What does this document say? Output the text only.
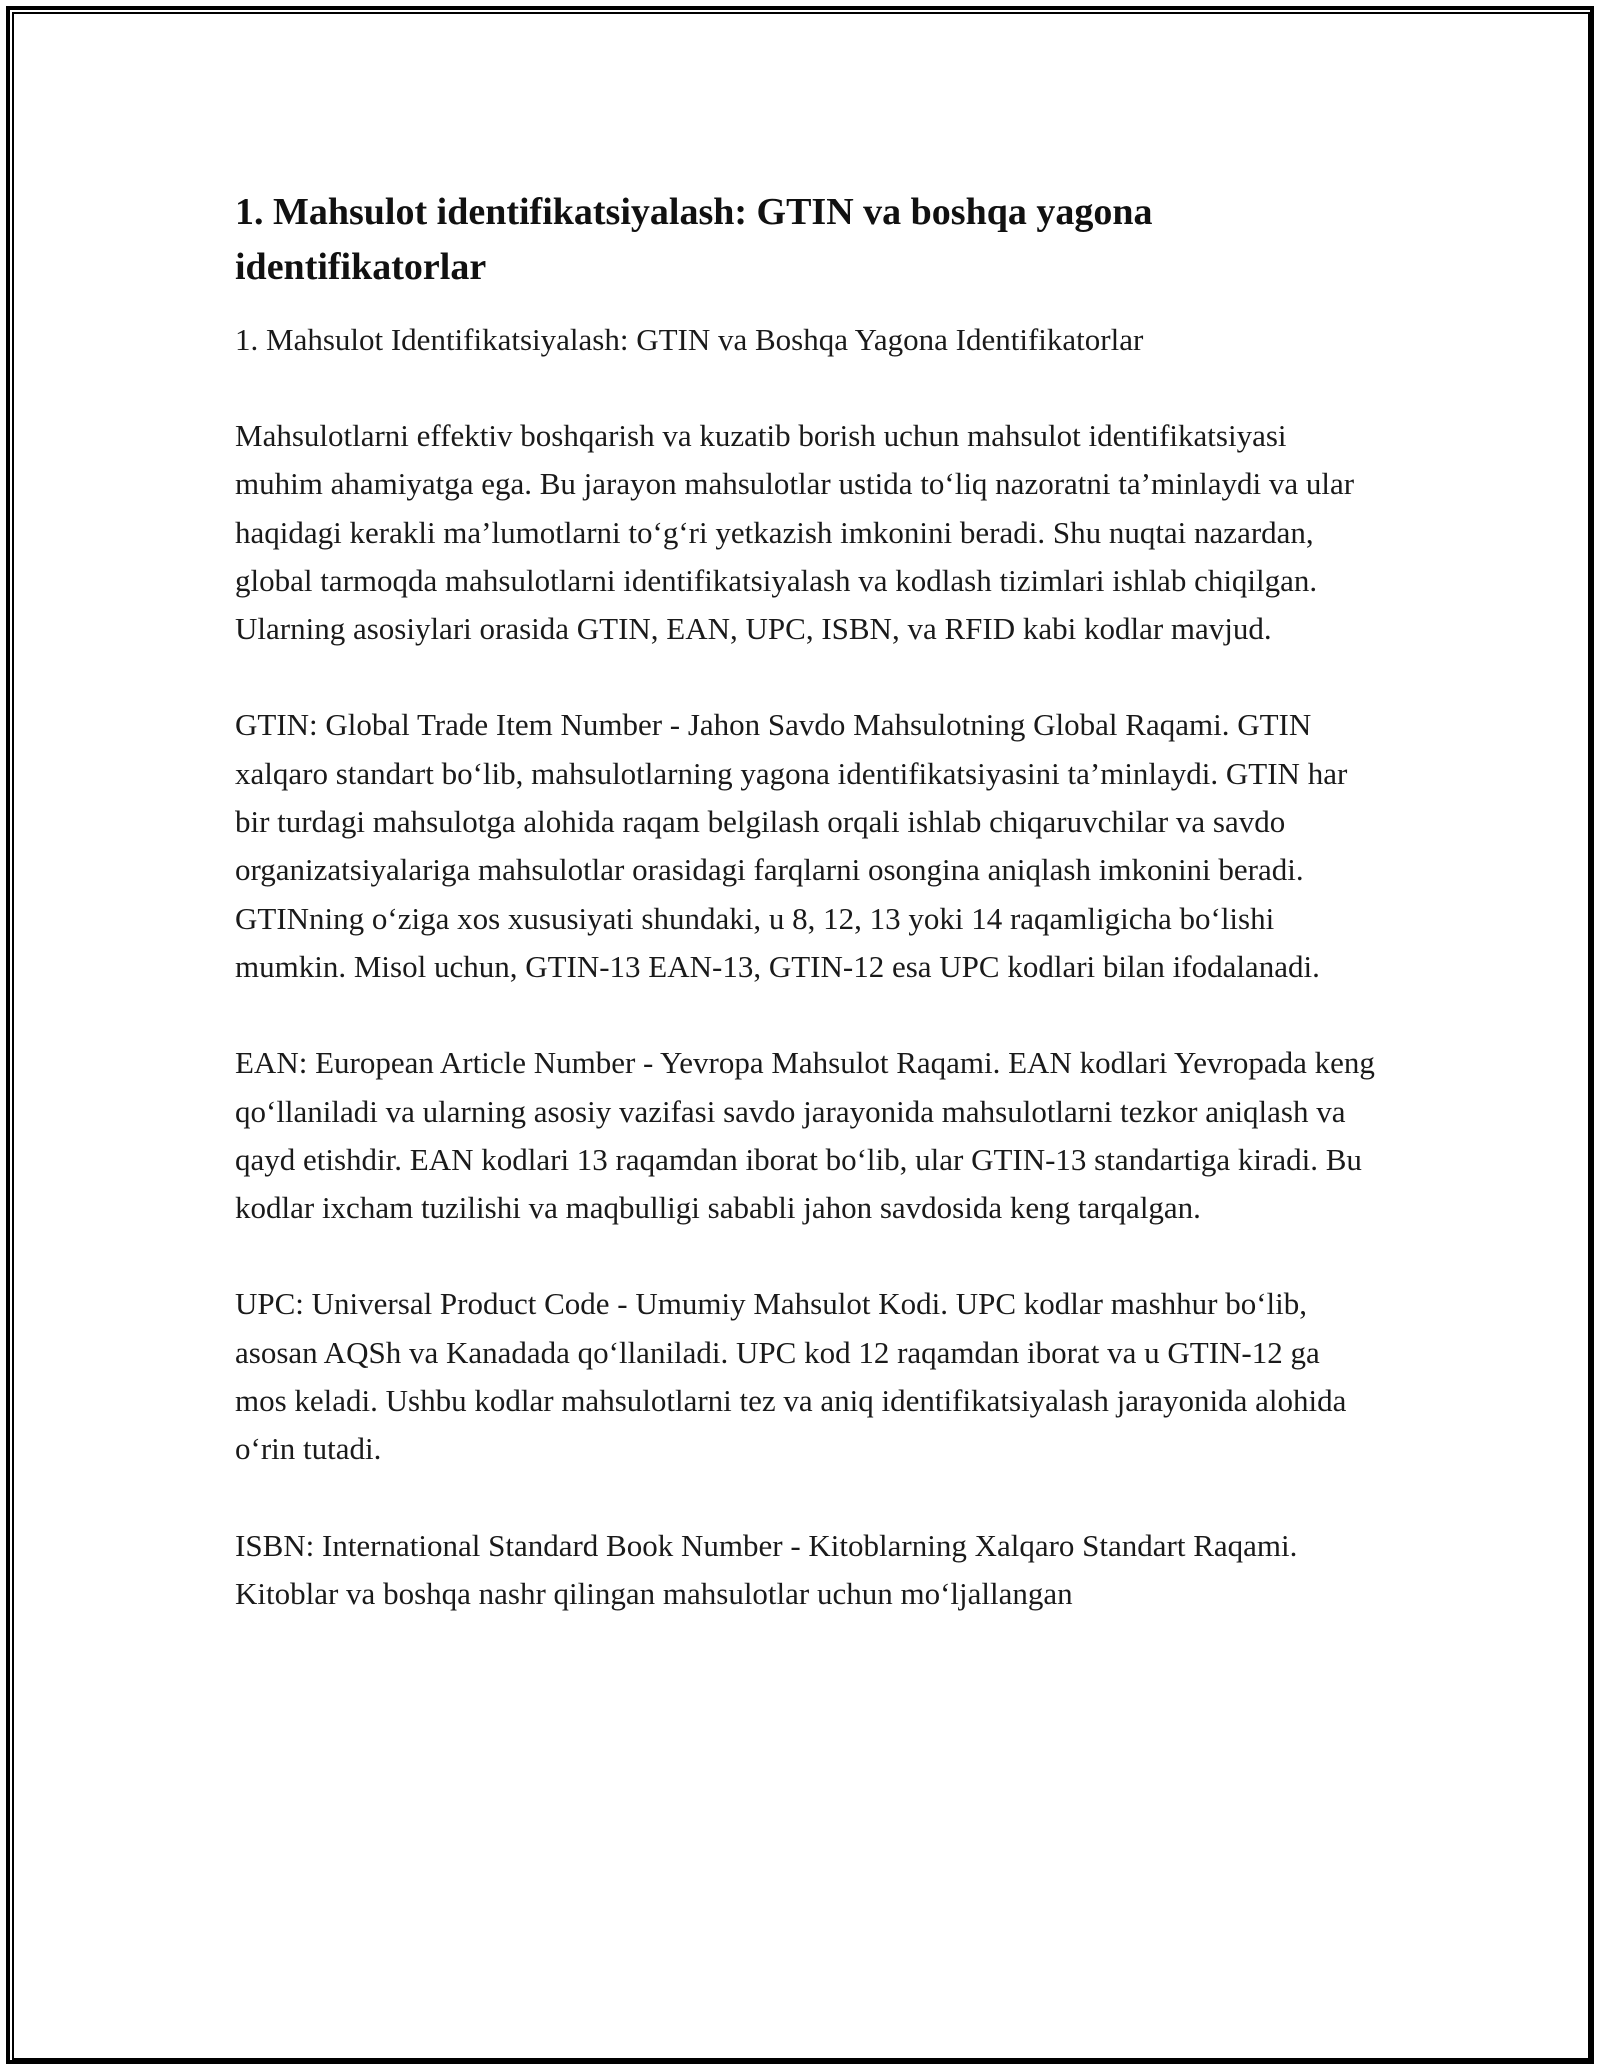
1. Mahsulot identifikatsiyalash: GTIN va boshqa yagona identifikatorlar

1. Mahsulot Identifikatsiyalash: GTIN va Boshqa Yagona Identifikatorlar

Mahsulotlarni effektiv boshqarish va kuzatib borish uchun mahsulot identifikatsiyasi muhim ahamiyatga ega. Bu jarayon mahsulotlar ustida to‘liq nazoratni ta’minlaydi va ular haqidagi kerakli ma’lumotlarni to‘g‘ri yetkazish imkonini beradi. Shu nuqtai nazardan, global tarmoqda mahsulotlarni identifikatsiyalash va kodlash tizimlari ishlab chiqilgan. Ularning asosiylari orasida GTIN, EAN, UPC, ISBN, va RFID kabi kodlar mavjud.

GTIN: Global Trade Item Number - Jahon Savdo Mahsulotning Global Raqami. GTIN xalqaro standart bo‘lib, mahsulotlarning yagona identifikatsiyasini ta’minlaydi. GTIN har bir turdagi mahsulotga alohida raqam belgilash orqali ishlab chiqaruvchilar va savdo organizatsiyalariga mahsulotlar orasidagi farqlarni osongina aniqlash imkonini beradi. GTINning o‘ziga xos xususiyati shundaki, u 8, 12, 13 yoki 14 raqamligicha bo‘lishi mumkin. Misol uchun, GTIN-13 EAN-13, GTIN-12 esa UPC kodlari bilan ifodalanadi.

EAN: European Article Number - Yevropa Mahsulot Raqami. EAN kodlari Yevropada keng qo‘llaniladi va ularning asosiy vazifasi savdo jarayonida mahsulotlarni tezkor aniqlash va qayd etishdir. EAN kodlari 13 raqamdan iborat bo‘lib, ular GTIN-13 standartiga kiradi. Bu kodlar ixcham tuzilishi va maqbulligi sababli jahon savdosida keng tarqalgan.

UPC: Universal Product Code - Umumiy Mahsulot Kodi. UPC kodlar mashhur bo‘lib, asosan AQSh va Kanadada qo‘llaniladi. UPC kod 12 raqamdan iborat va u GTIN-12 ga mos keladi. Ushbu kodlar mahsulotlarni tez va aniq identifikatsiyalash jarayonida alohida o‘rin tutadi.

ISBN: International Standard Book Number - Kitoblarning Xalqaro Standart Raqami. Kitoblar va boshqa nashr qilingan mahsulotlar uchun mo‘ljallangan
